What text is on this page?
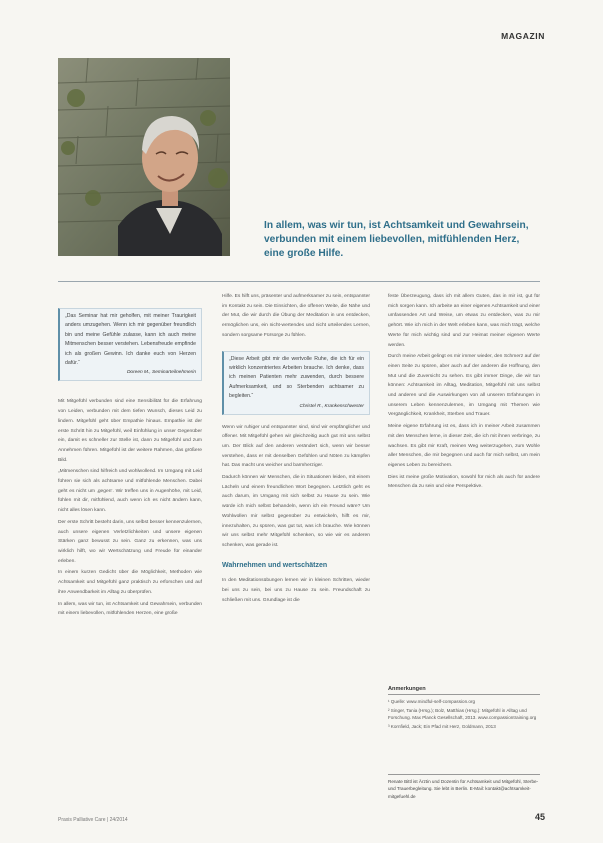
MAGAZIN
In allem, was wir tun, ist Achtsamkeit und Gewahrsein, verbunden mit einem liebevollen, mitfühlenden Herz, eine große Hilfe.
„Das Seminar hat mir geholfen, mit meiner Traurigkeit anders umzugehen. Wenn ich mir gegenüber freundlich bin und meine Gefühle zulasse, kann ich auch meine Mitmenschen besser verstehen. Lebensfreude empfinde ich als großen Gewinn. Ich danke euch von Herzen dafür.“
Doreen M., Seminarteilnehmerin

Mit Mitgefühl verbunden sind eine Sensibilität für die Erfahrung von Leiden, verbunden mit dem tiefen Wunsch, dieses Leid zu lindern. Mitgefühl geht über Empathie hinaus. Empathie ist der erste Schritt hin zu Mitgefühl, weil Einfühlung in unser Gegenüber ein, damit es schneller zur Stelle ist, dann zu Mitgefühl und zum Annehmen führen. Mitgefühl ist der weitere Rahmen, das größere Bild.

„Mitmenschen sind hilfreich und wohlwollend. Im Umgang mit Leid führen sie sich als achtsame und mitfühlende Menschen. Dabei geht es nicht um ‚gegen‘. Wir treffen uns in Augenhöhe, mit Leid, fühlen mit dir, mitfühlend, auch wenn ich es nicht ändern kann, nicht alles lösen kann.

Der erste Schritt besteht darin, uns selbst besser kennenzulernen, auch unsere eigenen Verletzlichkeiten und unsere eigenen Stärken ganz bewusst zu sein. Ganz zu erkennen, was uns wirklich hilft, wo wir Wertschätzung und Freude für einander erleben.

In einem kurzen Gedicht über die Möglichkeit, Methoden wie Achtsamkeit und Mitgefühl ganz praktisch zu erforschen und auf ihre Anwendbarkeit im Alltag zu überprüfen.

In allem, was wir tun, ist Achtsamkeit und Gewahrsein, verbunden mit einem liebevollen, mitfühlenden Herzen, eine große

Hilfe. Es hilft uns, präsenter und aufmerksamer zu sein, entspannter im Kontakt zu sein. Die Einsichten, die offenen Weite, die Nähe und der Mut, die wir durch die Übung der Meditation in uns entdecken, ermöglichen uns, ein nicht-wertendes und nicht urteilendes Lernen, sondern sorgsame Fürsorge zu fühlen.

„Diese Arbeit gibt mir die wertvolle Ruhe, die ich für ein wirklich konzentriertes Arbeiten brauche. Ich denke, dass ich meinen Patienten mehr zuwenden, durch bessere Aufmerksamkeit, und so Sterbenden achtsamer zu begleiten.“
Christel R., Krankenschwester

Wenn wir ruhiger und entspannter sind, sind wir empfänglicher und offener. Mit Mitgefühl gehen wir gleichzeitig auch gut mit uns selbst um. Der Blick auf den anderen verändert sich, wenn wir besser verstehen, dass er mit denselben Gefühlen und Nöten zu kämpfen hat. Das macht uns weicher und barmherziger.

Dadurch können wir Menschen, die in Situationen leiden, mit einem Lächeln und einem freundlichen Wort begegnen. Letztlich geht es auch darum, im Umgang mit sich selbst zu Hause zu sein. Wie würde ich mich selbst behandeln, wenn ich ein Freund wäre? Um Wohlwollen mir selbst gegenüber zu entwickeln, hilft es mir, innezuhalten, zu spüren, was gut tut, was ich brauche. Wie können wir uns selbst mehr Mitgefühl schenken, so wie wir es anderen schenken, was gerade ist.

Wahrnehmen und wertschätzen

In den Meditationsübungen lernen wir in kleinen Schritten, wieder bei uns zu sein, bei uns zu Hause zu sein. Freundschaft zu schließen mit uns. Grundlage ist die

feste Überzeugung, dass ich mit allem Guten, das in mir ist, gut für mich sorgen kann. Ich arbeite an einer eigenen Achtsamkeit und einer umfassenden Art und Weise, um etwas zu entdecken, was zu mir gehört. Wie ich mich in der Welt erleben kann, was mich trägt, welche Werte für mich wichtig sind und zur Heimat meiner eigenen Werte werden.

Durch meine Arbeit gelingt es mir immer wieder, den Schmerz auf der einen Seite zu spüren, aber auch auf der anderen die Hoffnung, den Mut und die Zuversicht zu sehen. Es gibt immer Dinge, die wir tun können: Achtsamkeit im Alltag, Meditation, Mitgefühl mit uns selbst und anderen und die Auswirkungen von all unseren Erfahrungen in unserem Leben kennenzulernen, im Umgang mit Themen wie Vergänglichkeit, Krankheit, Sterben und Trauer.

Meine eigene Erfahrung ist es, dass ich in meiner Arbeit zusammen mit den Menschen lerne, in dieser Zeit, die ich mit ihnen verbringe, zu wachsen. Es gibt mir Kraft, meinen Weg weiterzugehen, zum Wohle aller Menschen, die mir begegnen und auch für mich selbst, um mein eigenes Leben zu bereichern.

Dies ist meine große Motivation, sowohl für mich als auch für andere Menschen da zu sein und eine Perspektive.

Anmerkungen
¹ Quelle: www.mindful-self-compassion.org
² Singer, Tania (Hrsg.); Bolz, Matthias (Hrsg.): Mitgefühl in Alltag und Forschung. Max Planck Gesellschaft, 2013. www.compassiontraining.org
³ Kornfield, Jack; Ein Pfad mit Herz, Goldmann, 2013
Renate Bittl ist Ärztin und Dozentin für Achtsamkeit und Mitgefühl, Sterbe- und Trauerbegleitung. Sie lebt in Berlin. E-Mail: kontakt@achtsamkeit-mitgefuehl.de
Praxis Palliative Care | 24/2014	45
